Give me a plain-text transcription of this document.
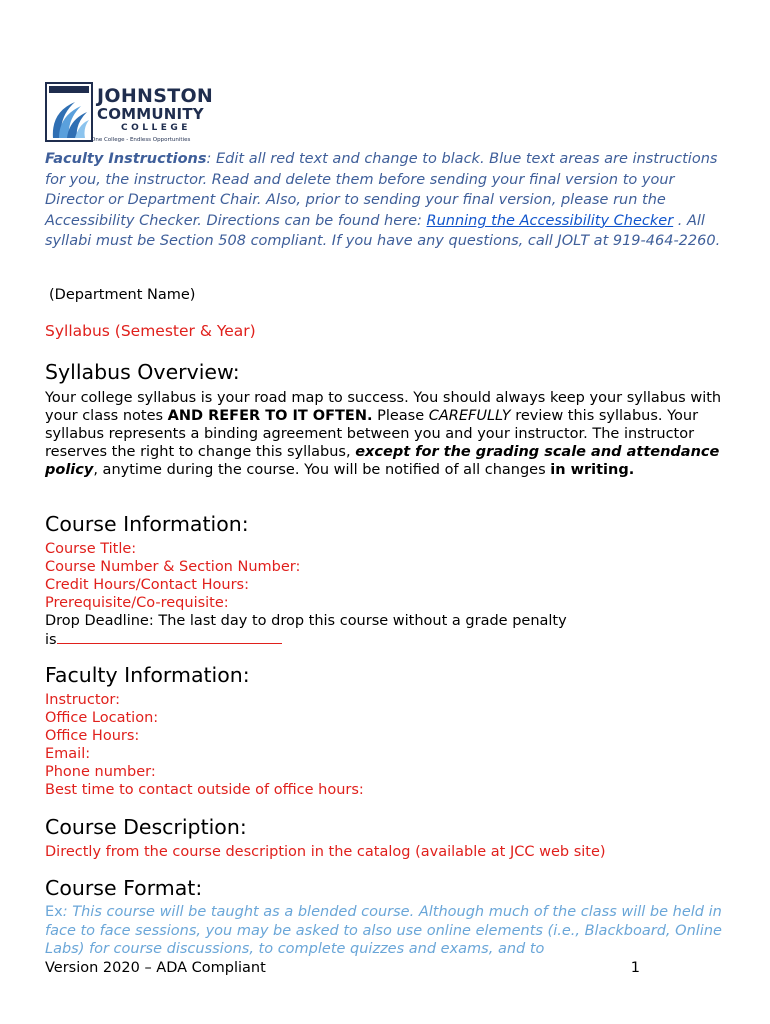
JOHNSTON
COMMUNITY
COLLEGE
One College - Endless Opportunities
Faculty Instructions: Edit all red text and change to black. Blue text areas are instructions for you, the instructor. Read and delete them before sending your final version to your Director or Department Chair. Also, prior to sending your final version, please run the Accessibility Checker. Directions can be found here: Running the Accessibility Checker . All syllabi must be Section 508 compliant. If you have any questions, call JOLT at 919-464-2260.
(Department Name)
Syllabus (Semester & Year)
Syllabus Overview:
Your college syllabus is your road map to success. You should always keep your syllabus with your class notes AND REFER TO IT OFTEN. Please CAREFULLY review this syllabus. Your syllabus represents a binding agreement between you and your instructor. The instructor reserves the right to change this syllabus, except for the grading scale and attendance policy, anytime during the course. You will be notified of all changes in writing.
Course Information:
Course Title:
Course Number & Section Number:
Credit Hours/Contact Hours:
Prerequisite/Co-requisite:
Drop Deadline: The last day to drop this course without a grade penalty
is
Faculty Information:
Instructor:
Office Location:
Office Hours:
Email:
Phone number:
Best time to contact outside of office hours:
Course Description:
Directly from the course description in the catalog (available at JCC web site)
Course Format:
Ex: This course will be taught as a blended course. Although much of the class will be held in face to face sessions, you may be asked to also use online elements (i.e., Blackboard, Online Labs) for course discussions, to complete quizzes and exams, and to
Version 2020 – ADA Compliant	1
